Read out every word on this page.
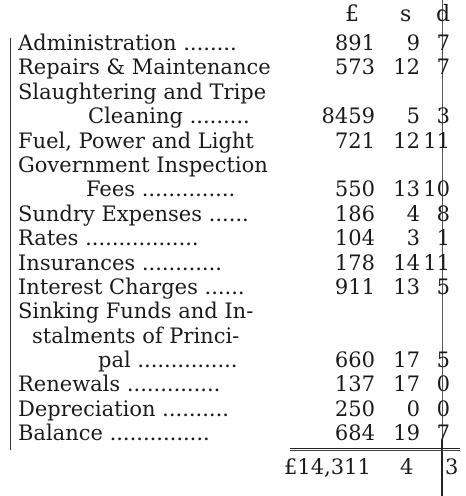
£ s d
Administration ........	891 9 7
Repairs & Maintenance	573 12 7
Slaughtering and Tripe
Cleaning .........	8459 5 3
Fuel, Power and Light	721 12 11
Government Inspection
Fees ..............	550 13 10
Sundry Expenses ......	186 4 8
Rates .................	104 3 1
Insurances ............	178 14 11
Interest Charges ......	911 13 5
Sinking Funds and In-
stalments of Princi-
pal ...............	660 17 5
Renewals ..............	137 17 0
Depreciation ..........	250 0 0
Balance ...............	684 19 7
£14,311 4 3
